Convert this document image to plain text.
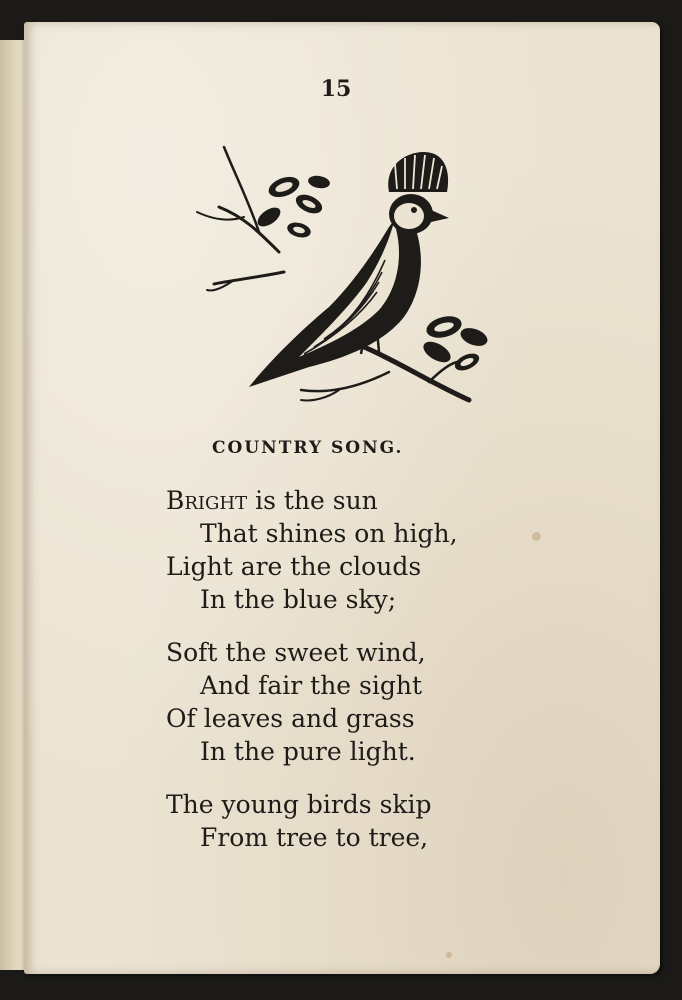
15
COUNTRY SONG.
Bright is the sun
That shines on high,
Light are the clouds
In the blue sky;
Soft the sweet wind,
And fair the sight
Of leaves and grass
In the pure light.
The young birds skip
From tree to tree,
